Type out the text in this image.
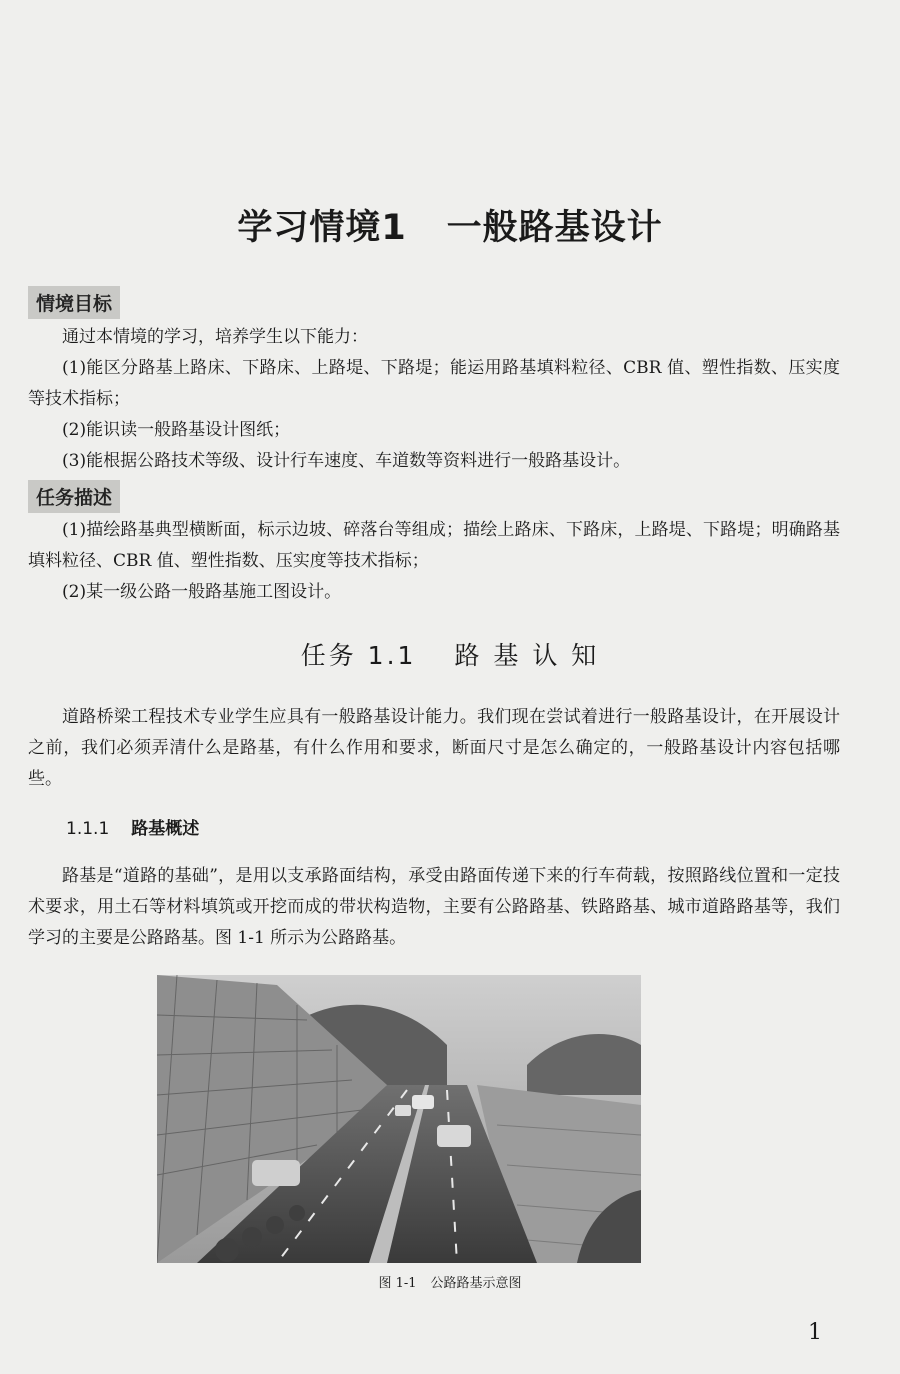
学习情境1 一般路基设计
情境目标
通过本情境的学习，培养学生以下能力：
(1)能区分路基上路床、下路床、上路堤、下路堤；能运用路基填料粒径、CBR 值、塑性指数、压实度等技术指标；
(2)能识读一般路基设计图纸；
(3)能根据公路技术等级、设计行车速度、车道数等资料进行一般路基设计。
任务描述
(1)描绘路基典型横断面，标示边坡、碎落台等组成；描绘上路床、下路床，上路堤、下路堤；明确路基填料粒径、CBR 值、塑性指数、压实度等技术指标；
(2)某一级公路一般路基施工图设计。
任务 1.1 路 基 认 知
道路桥梁工程技术专业学生应具有一般路基设计能力。我们现在尝试着进行一般路基设计，在开展设计之前，我们必须弄清什么是路基，有什么作用和要求，断面尺寸是怎么确定的，一般路基设计内容包括哪些。
1.1.1 路基概述
路基是“道路的基础”，是用以支承路面结构，承受由路面传递下来的行车荷载，按照路线位置和一定技术要求，用土石等材料填筑或开挖而成的带状构造物，主要有公路路基、铁路路基、城市道路路基等，我们学习的主要是公路路基。图 1-1 所示为公路路基。
图 1-1 公路路基示意图
1
